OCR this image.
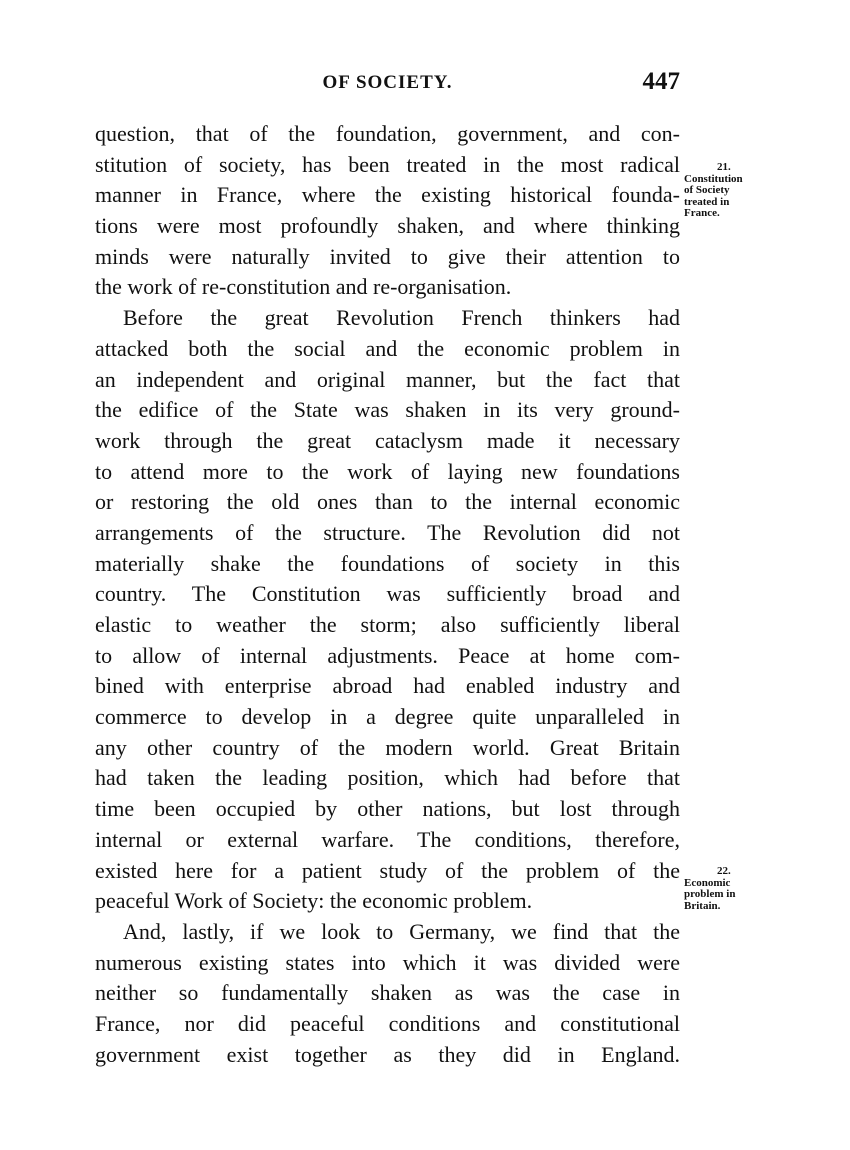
OF SOCIETY.	447
question, that of the foundation, government, and con-
stitution of society, has been treated in the most radical
manner in France, where the existing historical founda-
tions were most profoundly shaken, and where thinking
minds were naturally invited to give their attention to
the work of re-constitution and re-organisation.
Before the great Revolution French thinkers had
attacked both the social and the economic problem in
an independent and original manner, but the fact that
the edifice of the State was shaken in its very ground-
work through the great cataclysm made it necessary
to attend more to the work of laying new foundations
or restoring the old ones than to the internal economic
arrangements of the structure. The Revolution did not
materially shake the foundations of society in this
country. The Constitution was sufficiently broad and
elastic to weather the storm; also sufficiently liberal
to allow of internal adjustments. Peace at home com-
bined with enterprise abroad had enabled industry and
commerce to develop in a degree quite unparalleled in
any other country of the modern world. Great Britain
had taken the leading position, which had before that
time been occupied by other nations, but lost through
internal or external warfare. The conditions, therefore,
existed here for a patient study of the problem of the
peaceful Work of Society: the economic problem.
And, lastly, if we look to Germany, we find that the
numerous existing states into which it was divided were
neither so fundamentally shaken as was the case in
France, nor did peaceful conditions and constitutional
government exist together as they did in England.
21.
Constitution
of Society
treated in
France.
22.
Economic
problem in
Britain.
